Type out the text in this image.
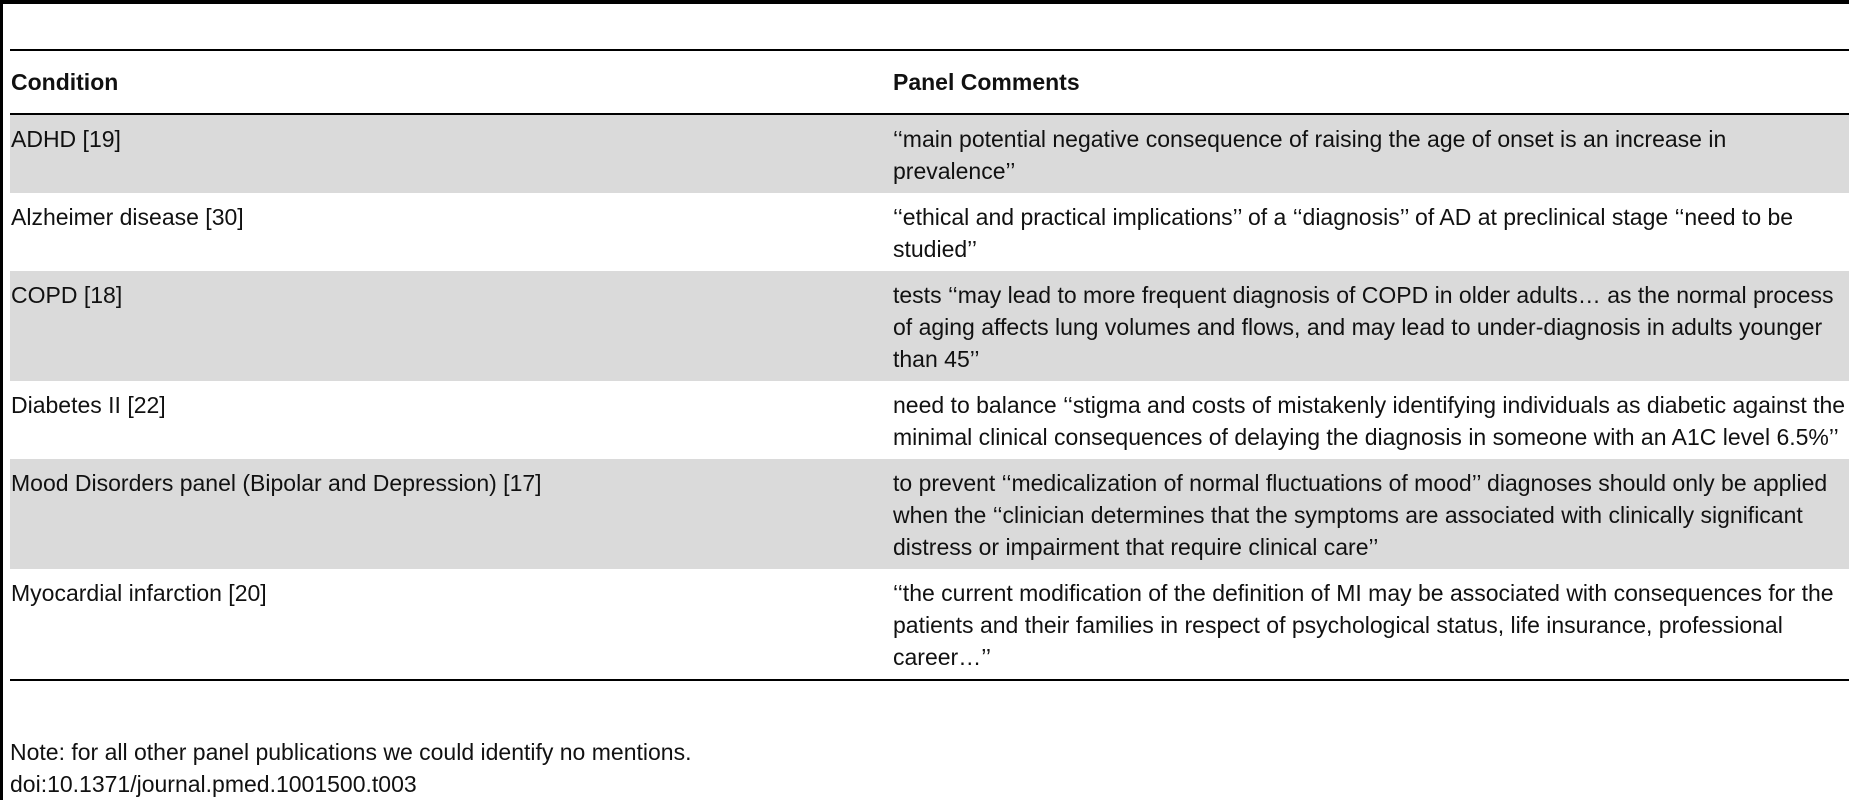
Condition	Panel Comments
ADHD [19]	‘‘main potential negative consequence of raising the age of onset is an increase in prevalence’’
Alzheimer disease [30]	‘‘ethical and practical implications’’ of a ‘‘diagnosis’’ of AD at preclinical stage ‘‘need to be studied’’
COPD [18]	tests ‘‘may lead to more frequent diagnosis of COPD in older adults… as the normal process of aging affects lung volumes and flows, and may lead to under-diagnosis in adults younger than 45’’
Diabetes II [22]	need to balance ‘‘stigma and costs of mistakenly identifying individuals as diabetic against the minimal clinical consequences of delaying the diagnosis in someone with an A1C level 6.5%’’
Mood Disorders panel (Bipolar and Depression) [17]	to prevent ‘‘medicalization of normal fluctuations of mood’’ diagnoses should only be applied when the ‘‘clinician determines that the symptoms are associated with clinically significant distress or impairment that require clinical care’’
Myocardial infarction [20]	‘‘the current modification of the definition of MI may be associated with consequences for the patients and their families in respect of psychological status, life insurance, professional career…’’
Note: for all other panel publications we could identify no mentions.
doi:10.1371/journal.pmed.1001500.t003
